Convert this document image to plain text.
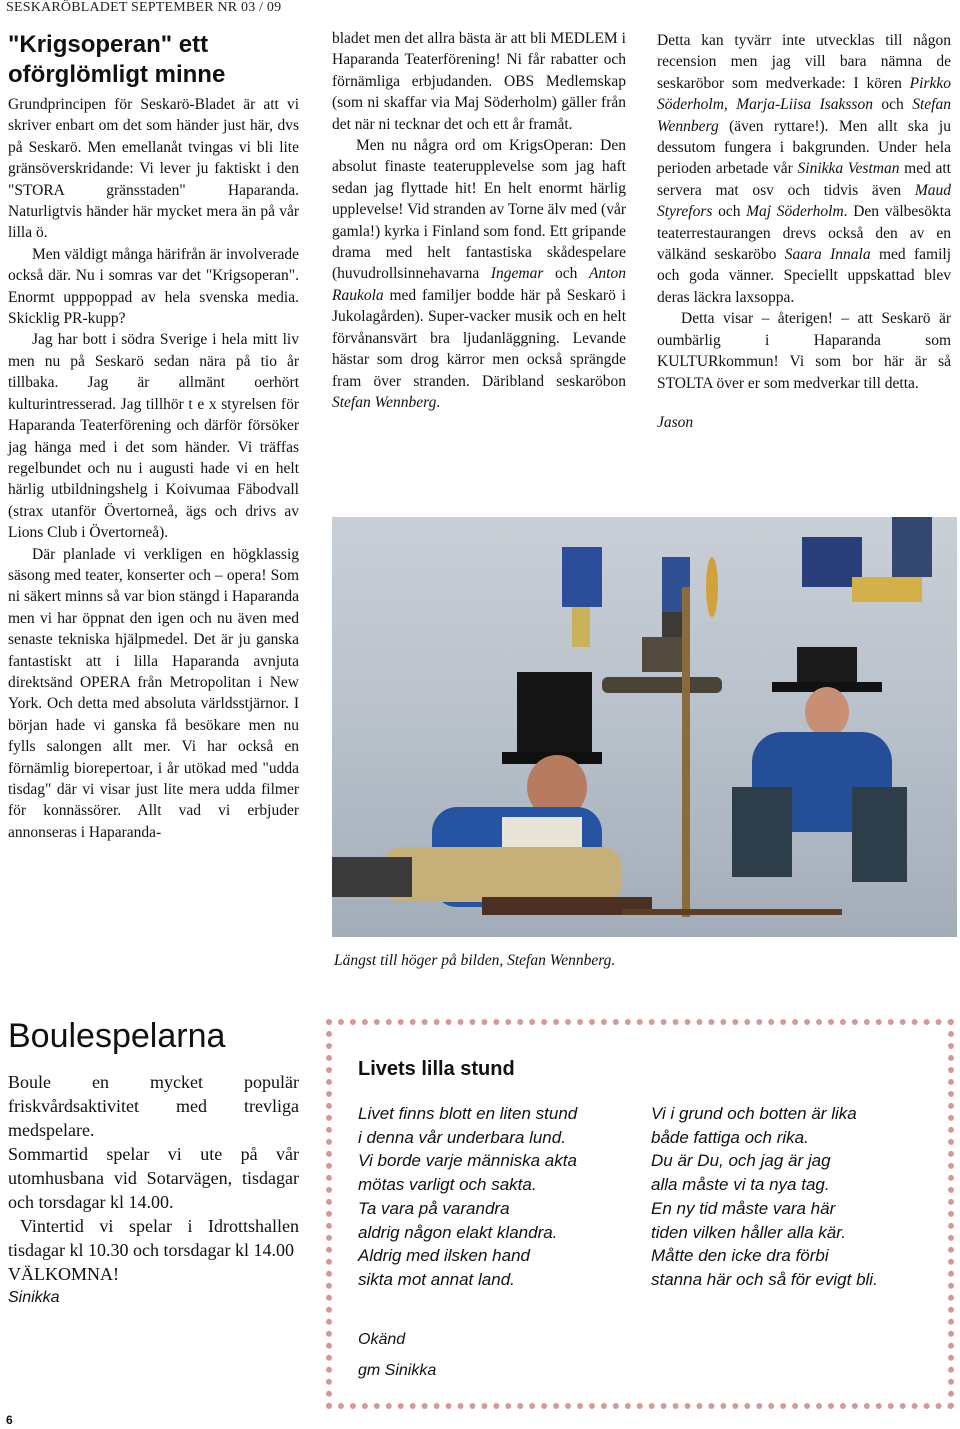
SESKARÖBLADET SEPTEMBER NR 03 / 09
"Krigsoperan" ett oförglömligt minne

Grundprincipen för Seskarö-Bladet är att vi skriver enbart om det som händer just här, dvs på Seskarö. Men emellanåt tvingas vi bli lite gränsöverskridande: Vi lever ju faktiskt i den "STORA gränsstaden" Haparanda. Naturligtvis händer här mycket mera än på vår lilla ö.

Men väldigt många härifrån är involverade också där. Nu i somras var det "Krigsoperan". Enormt upppoppad av hela svenska media. Skicklig PR-kupp?

Jag har bott i södra Sverige i hela mitt liv men nu på Seskarö sedan nära på tio år tillbaka. Jag är allmänt oerhört kulturintresserad. Jag tillhör t e x styrelsen för Haparanda Teaterförening och därför försöker jag hänga med i det som händer. Vi träffas regelbundet och nu i augusti hade vi en helt härlig utbildningshelg i Koivumaa Fäbodvall (strax utanför Övertorneå, ägs och drivs av Lions Club i Övertorneå).

Där planlade vi verkligen en högklassig säsong med teater, konserter och – opera! Som ni säkert minns så var bion stängd i Haparanda men vi har öppnat den igen och nu även med senaste tekniska hjälpmedel. Det är ju ganska fantastiskt att i lilla Haparanda avnjuta direktsänd OPERA från Metropolitan i New York. Och detta med absoluta världsstjärnor. I början hade vi ganska få besökare men nu fylls salongen allt mer. Vi har också en förnämlig biorepertoar, i år utökad med "udda tisdag" där vi visar just lite mera udda filmer för konnässörer. Allt vad vi erbjuder annonseras i Haparanda-

bladet men det allra bästa är att bli MEDLEM i Haparanda Teaterförening! Ni får rabatter och förnämliga erbjudanden. OBS Medlemskap (som ni skaffar via Maj Söderholm) gäller från det när ni tecknar det och ett år framåt.

Men nu några ord om KrigsOperan: Den absolut finaste teaterupplevelse som jag haft sedan jag flyttade hit! En helt enormt härlig upplevelse! Vid stranden av Torne älv med (vår gamla!) kyrka i Finland som fond. Ett gripande drama med helt fantastiska skådespelare (huvudrollsinnehavarna Ingemar och Anton Raukola med familjer bodde här på Seskarö i Jukolagården). Super-vacker musik och en helt förvånansvärt bra ljudanläggning. Levande hästar som drog kärror men också sprängde fram över stranden. Däribland seskaröbon Stefan Wennberg.

Detta kan tyvärr inte utvecklas till någon recension men jag vill bara nämna de seskaröbor som medverkade: I kören Pirkko Söderholm, Marja-Liisa Isaksson och Stefan Wennberg (även ryttare!). Men allt ska ju dessutom fungera i bakgrunden. Under hela perioden arbetade vår Sinikka Vestman med att servera mat osv och tidvis även Maud Styrefors och Maj Söderholm. Den välbesökta teaterrestaurangen drevs också den av en välkänd seskaröbo Saara Innala med familj och goda vänner. Speciellt uppskattad blev deras läckra laxsoppa.

Detta visar – återigen! – att Seskarö är oumbärlig i Haparanda som KULTURkommun! Vi som bor här är så STOLTA över er som medverkar till detta.

Jason

Längst till höger på bilden, Stefan Wennberg.
Boulespelarna

Boule en mycket populär friskvårdsaktivitet med trevliga medspelare.

Sommartid spelar vi ute på vår utomhusbana vid Sotarvägen, tisdagar och torsdagar kl 14.00.

Vintertid vi spelar i Idrottshallen tisdagar kl 10.30 och torsdagar kl 14.00

VÄLKOMNA!

Sinikka

Livets lilla stund
Livet finns blott en liten stund
i denna vår underbara lund.
Vi borde varje människa akta
mötas varligt och sakta.
Ta vara på varandra
aldrig någon elakt klandra.
Aldrig med ilsken hand
sikta mot annat land.
Vi i grund och botten är lika
både fattiga och rika.
Du är Du, och jag är jag
alla måste vi ta nya tag.
En ny tid måste vara här
tiden vilken håller alla kär.
Måtte den icke dra förbi
stanna här och så för evigt bli.
Okänd
gm Sinikka
6
